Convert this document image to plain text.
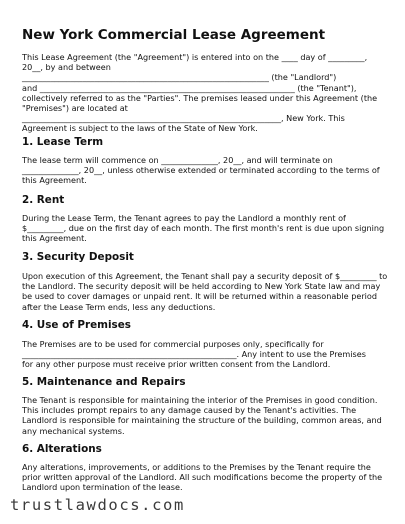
New York Commercial Lease Agreement

This Lease Agreement (the "Agreement") is entered into on the ____ day of _________,
20__, by and between
_____________________________________________________________ (the "Landlord")
and _______________________________________________________________ (the "Tenant"),
collectively referred to as the "Parties". The premises leased under this Agreement (the
"Premises") are located at
________________________________________________________________, New York. This
Agreement is subject to the laws of the State of New York.

1. Lease Term

The lease term will commence on ______________, 20__, and will terminate on
______________, 20__, unless otherwise extended or terminated according to the terms of
this Agreement.

2. Rent

During the Lease Term, the Tenant agrees to pay the Landlord a monthly rent of
$_________, due on the first day of each month. The first month's rent is due upon signing
this Agreement.

3. Security Deposit

Upon execution of this Agreement, the Tenant shall pay a security deposit of $_________ to
the Landlord. The security deposit will be held according to New York State law and may
be used to cover damages or unpaid rent. It will be returned within a reasonable period
after the Lease Term ends, less any deductions.

4. Use of Premises

The Premises are to be used for commercial purposes only, specifically for
_____________________________________________________. Any intent to use the Premises
for any other purpose must receive prior written consent from the Landlord.

5. Maintenance and Repairs

The Tenant is responsible for maintaining the interior of the Premises in good condition.
This includes prompt repairs to any damage caused by the Tenant's activities. The
Landlord is responsible for maintaining the structure of the building, common areas, and
any mechanical systems.

6. Alterations

Any alterations, improvements, or additions to the Premises by the Tenant require the
prior written approval of the Landlord. All such modifications become the property of the
Landlord upon termination of the lease.

trustlawdocs.com
